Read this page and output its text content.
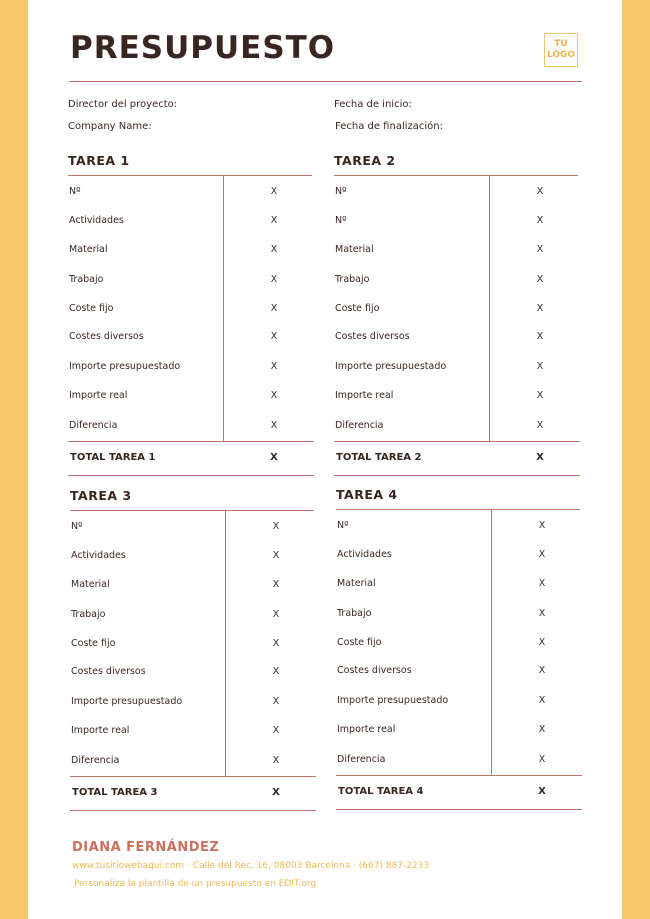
PRESUPUESTO	TU
LOGO
Director del proyecto:
Company Name:
Fecha de inicio:
Fecha de finalización:
TAREA 1
Nº	X
Actividades	X
Material	X
Trabajo	X
Coste fijo	X
Costes diversos	X
Importe presupuestado	X
Importe real	X
Diferencia	X
TOTAL TAREA 1	X
TAREA 2
Nº	X
Nº	X
Material	X
Trabajo	X
Coste fijo	X
Costes diversos	X
Importe presupuestado	X
Importe real	X
Diferencia	X
TOTAL TAREA 2	X
TAREA 3
Nº	X
Actividades	X
Material	X
Trabajo	X
Coste fijo	X
Costes diversos	X
Importe presupuestado	X
Importe real	X
Diferencia	X
TOTAL TAREA 3	X
TAREA 4
Nº	X
Actividades	X
Material	X
Trabajo	X
Coste fijo	X
Costes diversos	X
Importe presupuestado	X
Importe real	X
Diferencia	X
TOTAL TAREA 4	X
DIANA FERNÁNDEZ
www.tusitiowebaqui.com · Calle del Rec, 16, 08003 Barcelona · (667) 887-2233
Personaliza la plantilla de un presupuesto en EDIT.org
